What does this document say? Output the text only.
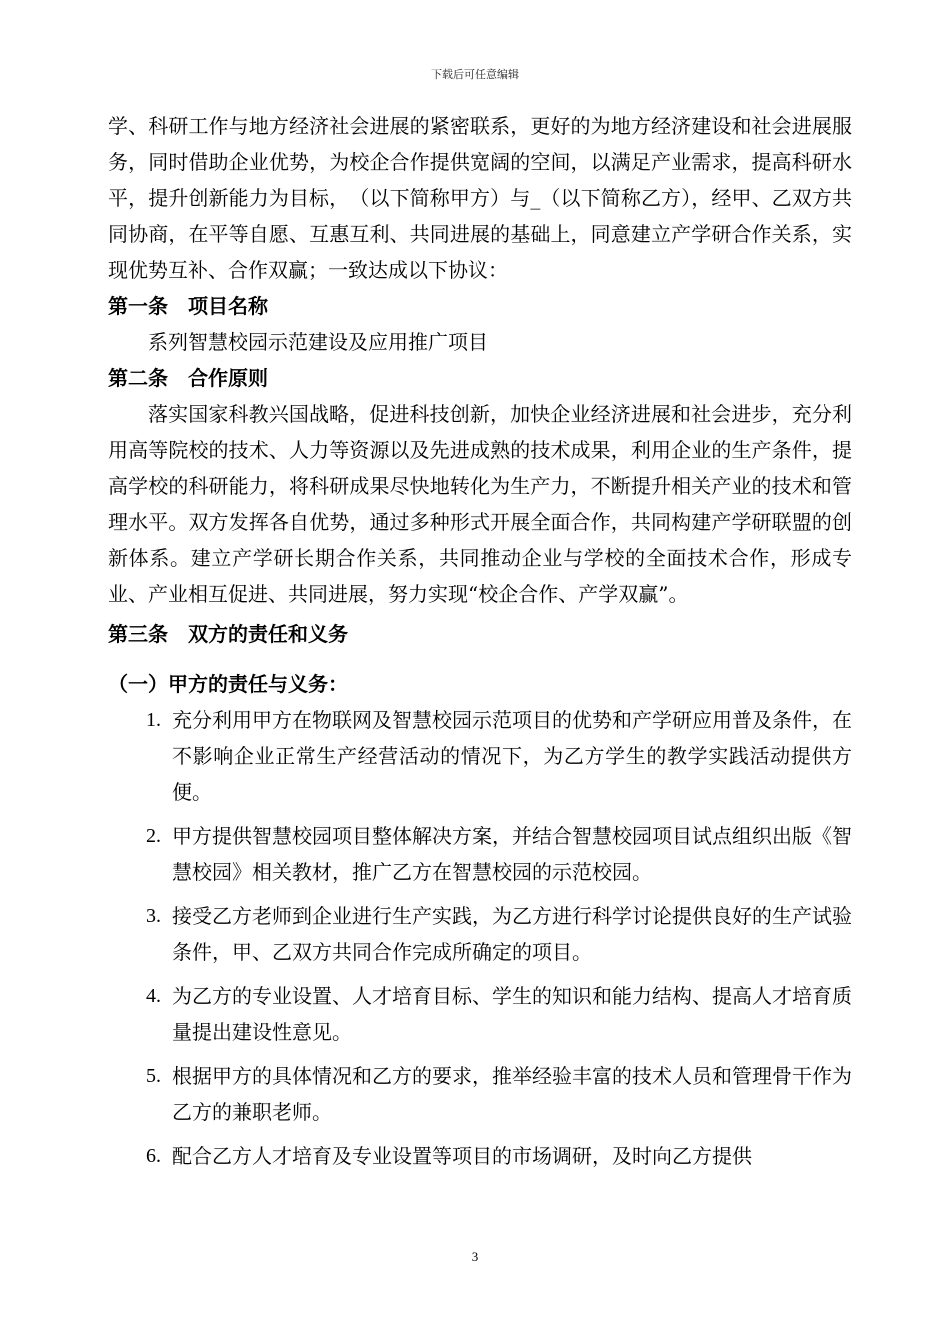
下载后可任意编辑

学、科研工作与地方经济社会进展的紧密联系，更好的为地方经济建设和社会进展服务，同时借助企业优势，为校企合作提供宽阔的空间，以满足产业需求，提高科研水平，提升创新能力为目标，　（以下简称甲方）与_（以下简称乙方），经甲、乙双方共同协商，在平等自愿、互惠互利、共同进展的基础上，同意建立产学研合作关系，实现优势互补、合作双赢；一致达成以下协议：

第一条 项目名称

系列智慧校园示范建设及应用推广项目

第二条 合作原则

落实国家科教兴国战略，促进科技创新，加快企业经济进展和社会进步，充分利用高等院校的技术、人力等资源以及先进成熟的技术成果，利用企业的生产条件，提高学校的科研能力，将科研成果尽快地转化为生产力，不断提升相关产业的技术和管理水平。双方发挥各自优势，通过多种形式开展全面合作，共同构建产学研联盟的创新体系。建立产学研长期合作关系，共同推动企业与学校的全面技术合作，形成专业、产业相互促进、共同进展，努力实现“校企合作、产学双赢”。

第三条 双方的责任和义务

（一）甲方的责任与义务：

1. 充分利用甲方在物联网及智慧校园示范项目的优势和产学研应用普及条件，在不影响企业正常生产经营活动的情况下，为乙方学生的教学实践活动提供方便。
2. 甲方提供智慧校园项目整体解决方案，并结合智慧校园项目试点组织出版《智慧校园》相关教材，推广乙方在智慧校园的示范校园。
3. 接受乙方老师到企业进行生产实践，为乙方进行科学讨论提供良好的生产试验条件，甲、乙双方共同合作完成所确定的项目。
4. 为乙方的专业设置、人才培育目标、学生的知识和能力结构、提高人才培育质量提出建设性意见。
5. 根据甲方的具体情况和乙方的要求，推举经验丰富的技术人员和管理骨干作为乙方的兼职老师。
6. 配合乙方人才培育及专业设置等项目的市场调研，及时向乙方提供
3
